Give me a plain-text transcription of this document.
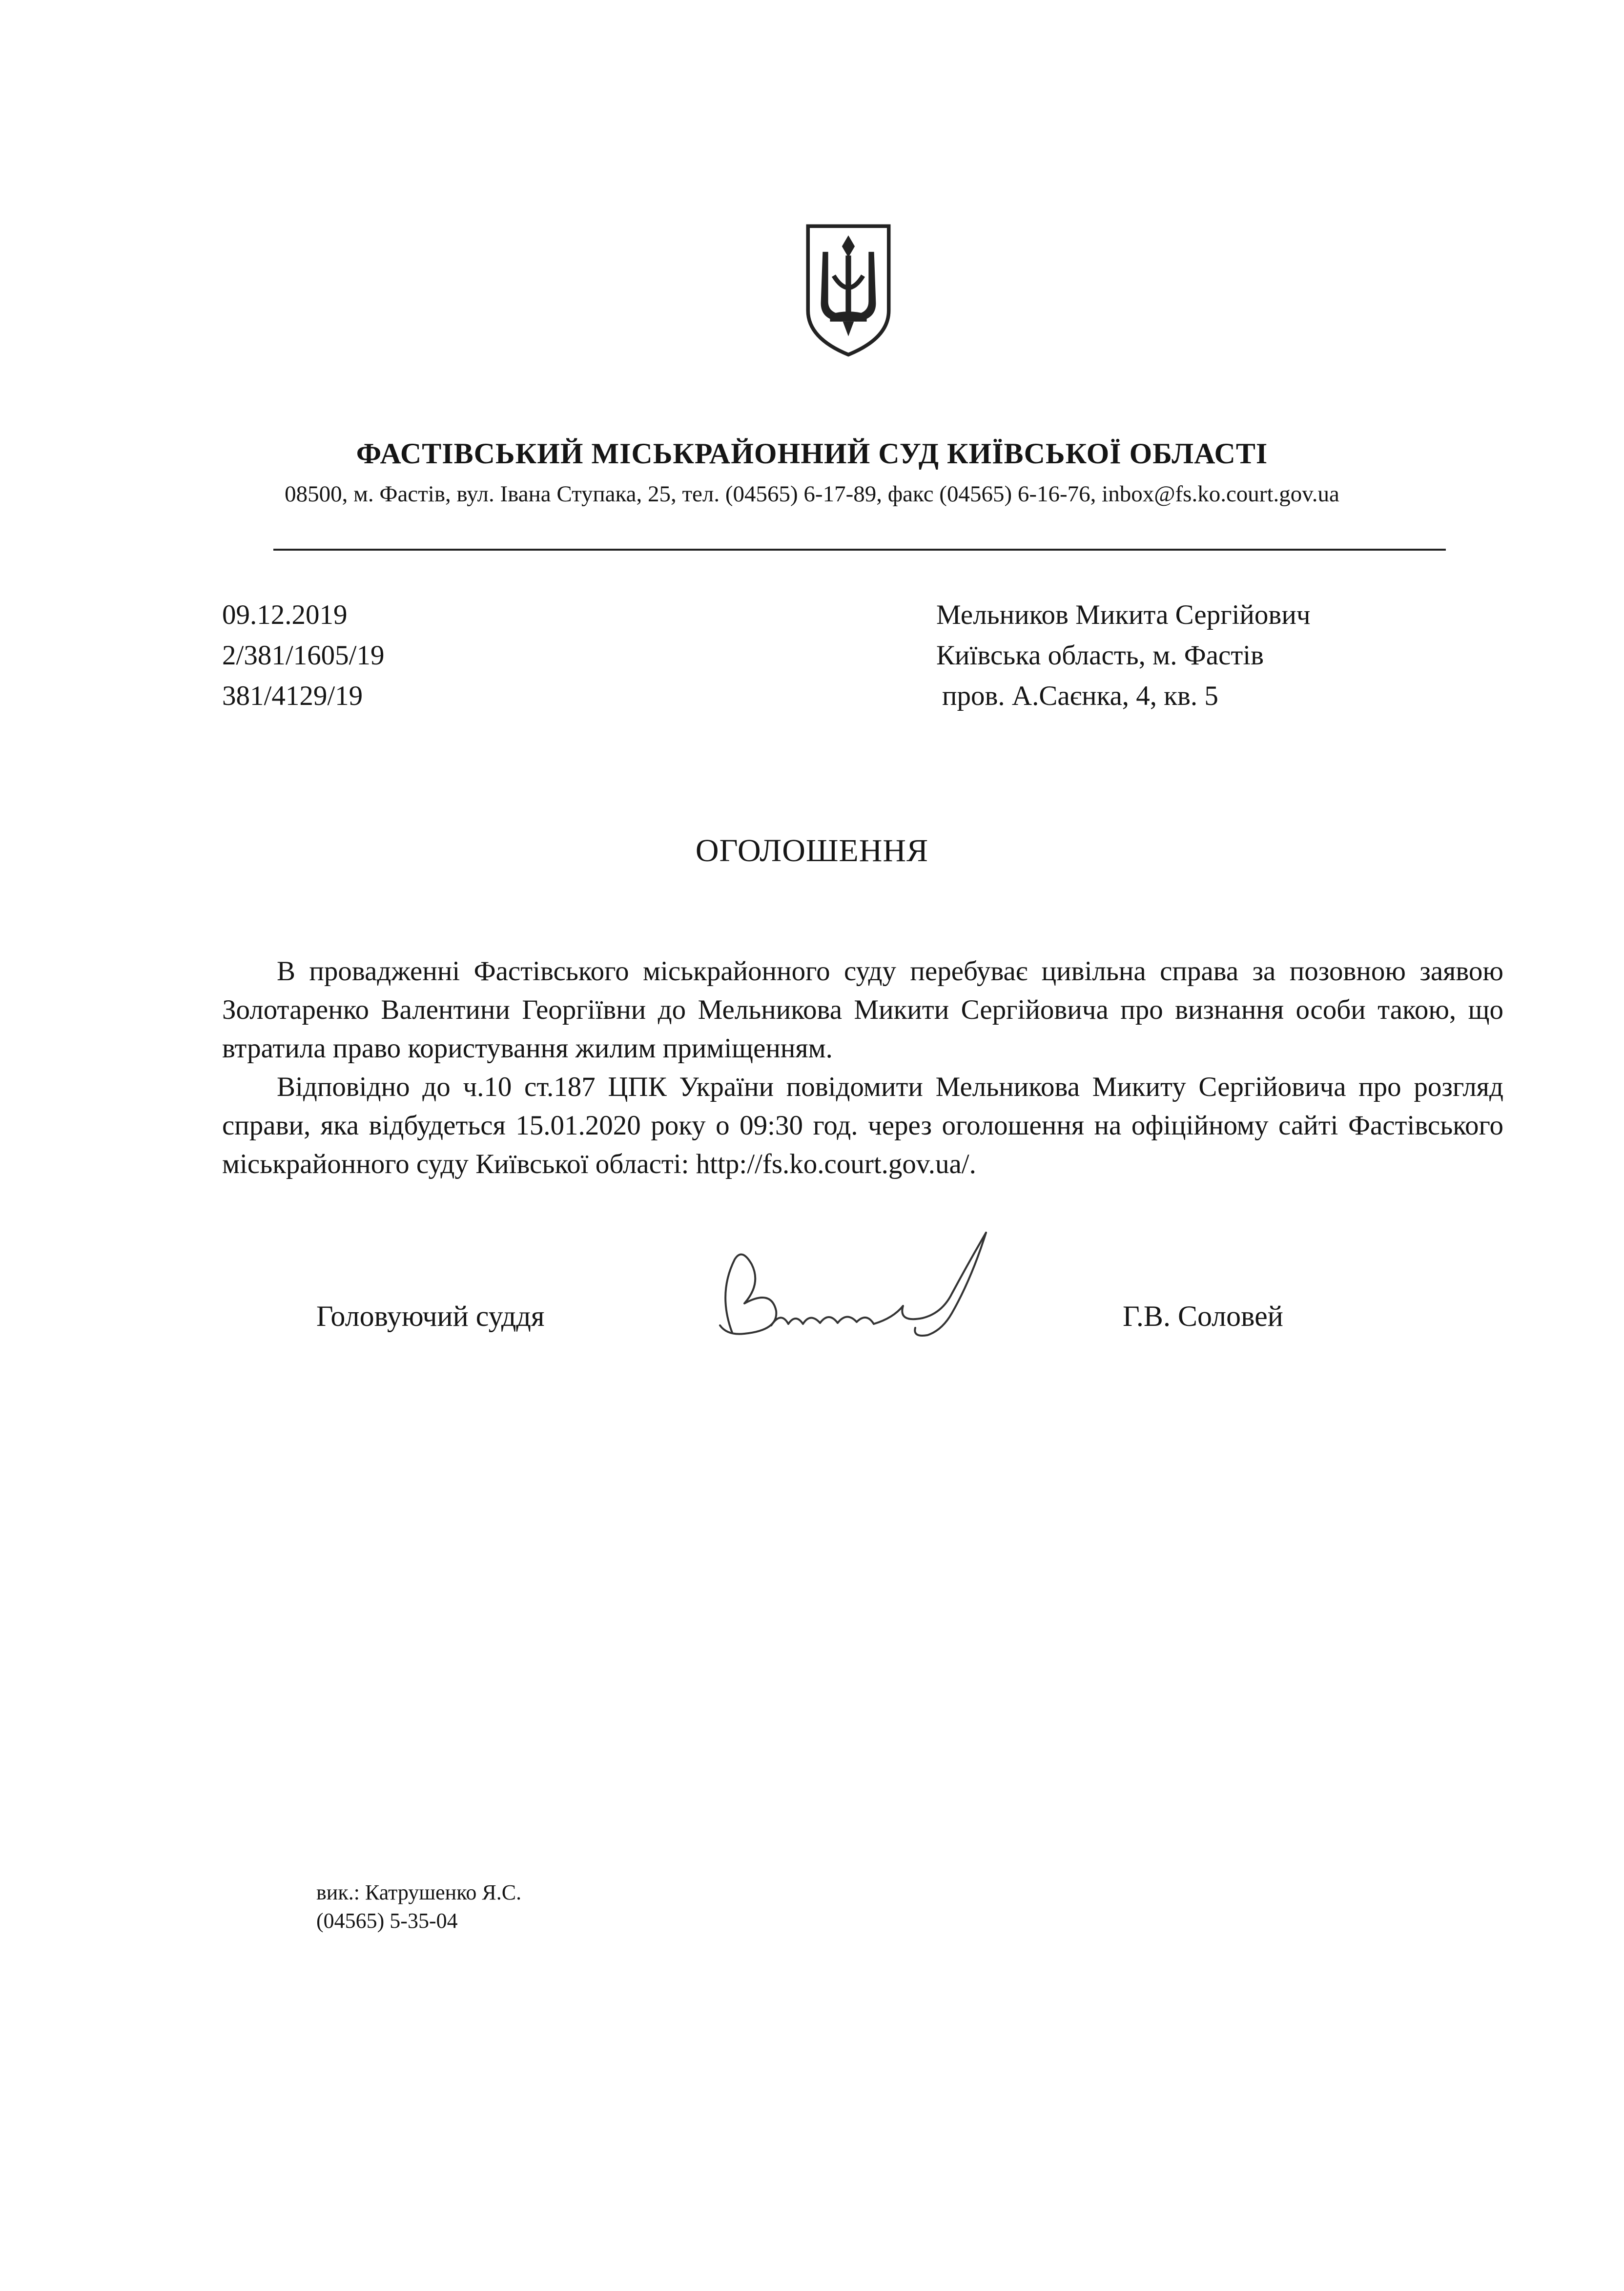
ФАСТІВСЬКИЙ МІСЬКРАЙОННИЙ СУД КИЇВСЬКОЇ ОБЛАСТІ
08500, м. Фастів, вул. Івана Ступака, 25, тел. (04565) 6-17-89, факс (04565) 6-16-76, inbox@fs.ko.court.gov.ua
09.12.2019
2/381/1605/19
381/4129/19
Мельников Микита Сергійович
Київська область, м. Фастів
пров. А.Саєнка, 4, кв. 5
ОГОЛОШЕННЯ

В провадженні Фастівського міськрайонного суду перебуває цивільна справа за позовною заявою Золотаренко Валентини Георгіївни до Мельникова Микити Сергійовича про визнання особи такою, що втратила право користування жилим приміщенням.

Відповідно до ч.10 ст.187 ЦПК України повідомити Мельникова Микиту Сергійовича про розгляд справи, яка відбудеться 15.01.2020 року о 09:30 год. через оголошення на офіційному сайті Фастівського міськрайонного суду Київської області: http://fs.ko.court.gov.ua/.

Головуючий суддя	Г.В. Соловей
вик.: Катрушенко Я.С.
(04565) 5-35-04
